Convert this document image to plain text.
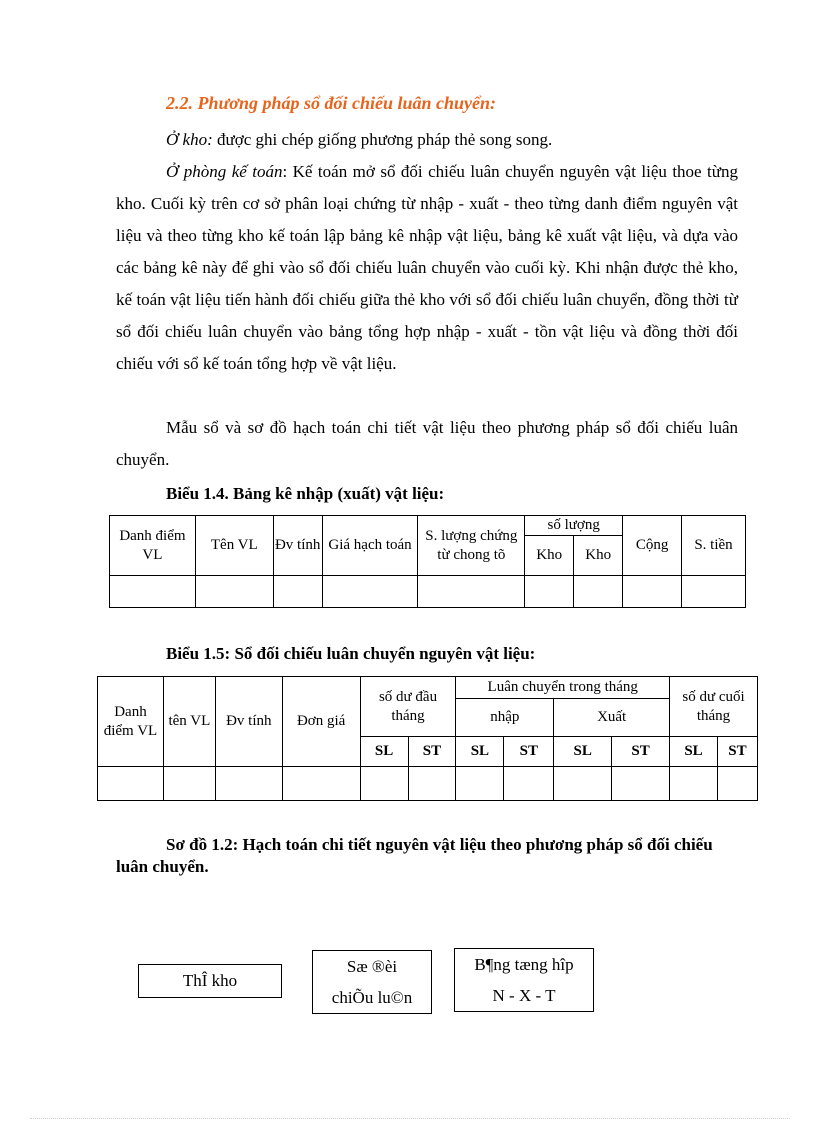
2.2. Phương pháp sổ đối chiếu luân chuyển:

Ở kho: được ghi chép giống phương pháp thẻ song song.

Ở phòng kế toán: Kế toán mở sổ đối chiếu luân chuyển nguyên vật liệu thoe từng kho. Cuối kỳ trên cơ sở phân loại chứng từ nhập - xuất - theo từng danh điểm nguyên vật liệu và theo từng kho kế toán lập bảng kê nhập vật liệu, bảng kê xuất vật liệu, và dựa vào các bảng kê này để ghi vào sổ đối chiếu luân chuyển vào cuối kỳ. Khi nhận được thẻ kho, kế toán vật liệu tiến hành đối chiếu giữa thẻ kho với sổ đối chiếu luân chuyển, đồng thời từ sổ đối chiếu luân chuyển vào bảng tổng hợp nhập - xuất - tồn vật liệu và đồng thời đối chiếu với sổ kế toán tổng hợp về vật liệu.

Mẫu sổ và sơ đồ hạch toán chi tiết vật liệu theo phương pháp sổ đối chiếu luân chuyển.

Biểu 1.4. Bảng kê nhập (xuất) vật liệu:
Danh điểm VL	Tên VL	Đv tính	Giá hạch toán	S. lượng chứng từ chong tõ	số lượng		Cộng	S. tiền
					Kho	Kho		

Biểu 1.5: Sổ đối chiếu luân chuyển nguyên vật liệu:
Danh điểm VL	tên VL	Đv tính	Đơn giá	số dư đầu tháng		Luân chuyển trong tháng				số dư cuối tháng	
						nhập		Xuất			
				SL	ST	SL	ST	SL	ST	SL	ST

Sơ đồ 1.2: Hạch toán chi tiết nguyên vật liệu theo phương pháp sổ đối chiếu luân chuyển.
ThÎ kho
Sæ ®èi
chiÕu lu©n
B¶ng tæng hîp
N - X - T
